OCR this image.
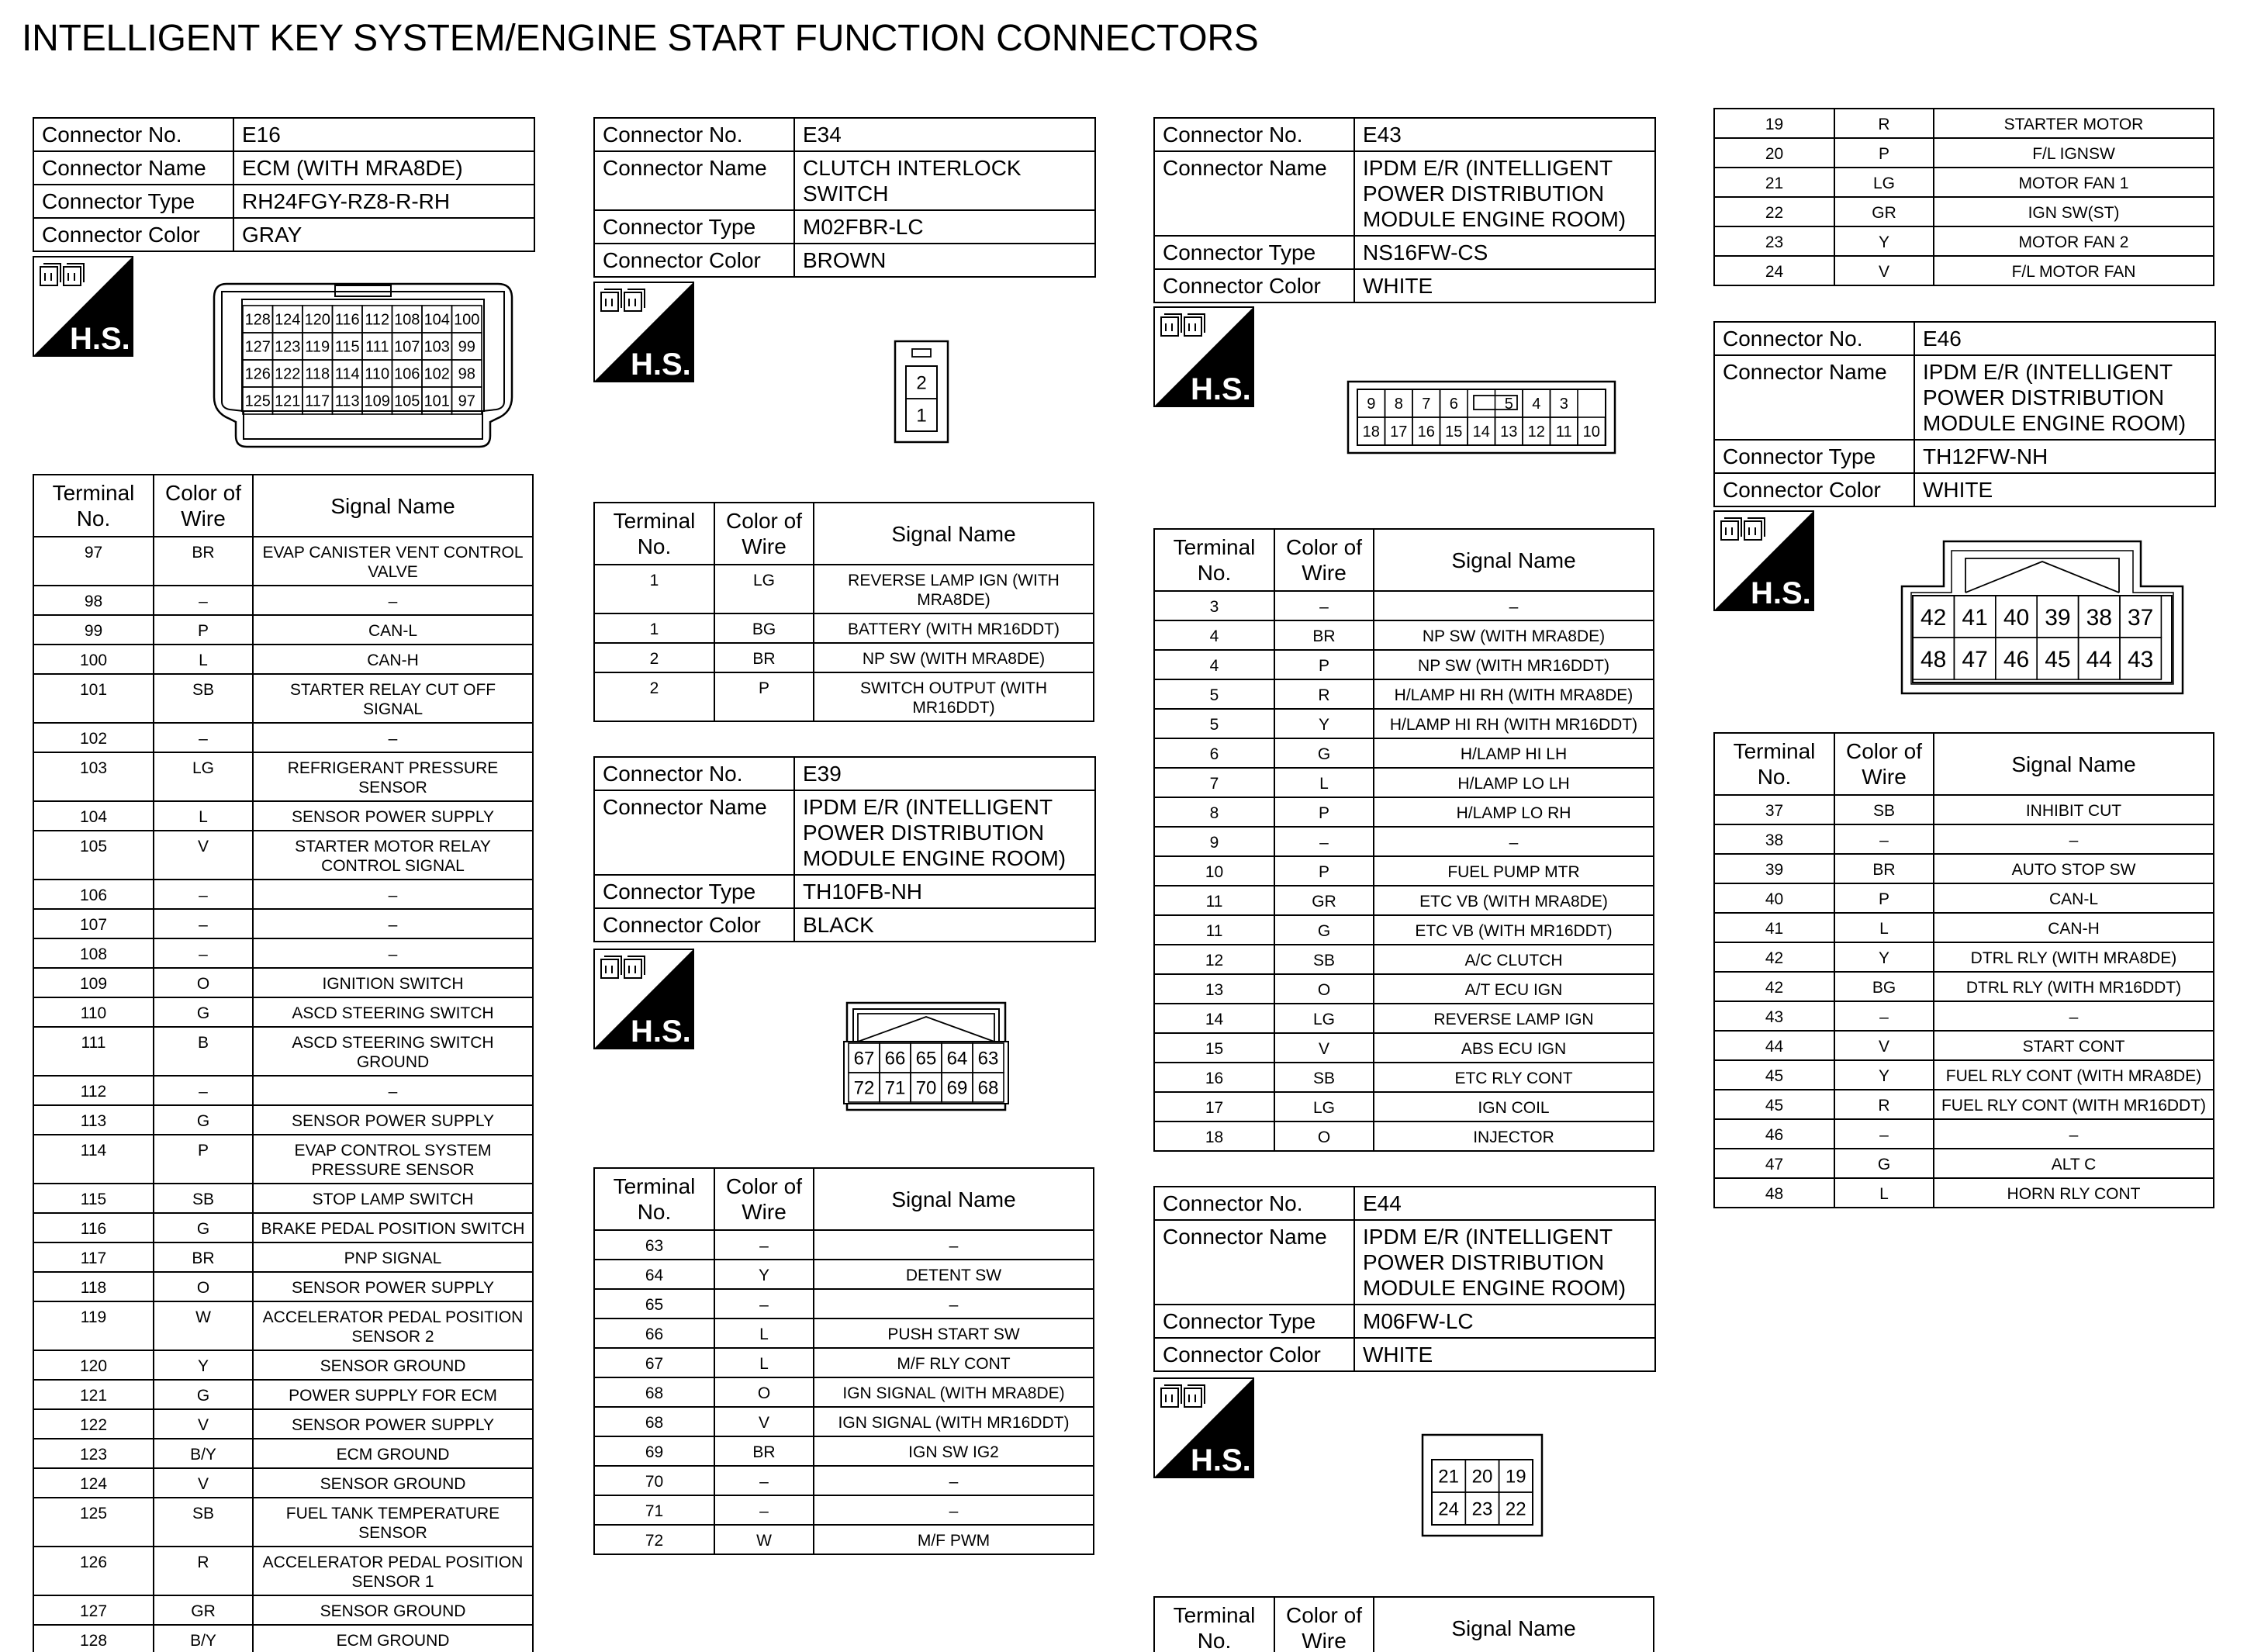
INTELLIGENT KEY SYSTEM/ENGINE START FUNCTION CONNECTORS
Connector No.	E16
Connector Name	ECM (WITH MRA8DE)
Connector Type	RH24FGY-RZ8-R-RH
Connector Color	GRAY
H.S.
128 124 120 116 112 108 104 100
127 123 119 115 111 107 103 99
126 122 118 114 110 106 102 98
125 121 117 113 109 105 101 97
Terminal No.	Color of Wire	Signal Name
97	BR	EVAP CANISTER VENT CONTROL VALVE
98	–	–
99	P	CAN-L
100	L	CAN-H
101	SB	STARTER RELAY CUT OFF SIGNAL
102	–	–
103	LG	REFRIGERANT PRESSURE SENSOR
104	L	SENSOR POWER SUPPLY
105	V	STARTER MOTOR RELAY CONTROL SIGNAL
106	–	–
107	–	–
108	–	–
109	O	IGNITION SWITCH
110	G	ASCD STEERING SWITCH
111	B	ASCD STEERING SWITCH GROUND
112	–	–
113	G	SENSOR POWER SUPPLY
114	P	EVAP CONTROL SYSTEM PRESSURE SENSOR
115	SB	STOP LAMP SWITCH
116	G	BRAKE PEDAL POSITION SWITCH
117	BR	PNP SIGNAL
118	O	SENSOR POWER SUPPLY
119	W	ACCELERATOR PEDAL POSITION SENSOR 2
120	Y	SENSOR GROUND
121	G	POWER SUPPLY FOR ECM
122	V	SENSOR POWER SUPPLY
123	B/Y	ECM GROUND
124	V	SENSOR GROUND
125	SB	FUEL TANK TEMPERATURE SENSOR
126	R	ACCELERATOR PEDAL POSITION SENSOR 1
127	GR	SENSOR GROUND
128	B/Y	ECM GROUND
Connector No.	E34
Connector Name	CLUTCH INTERLOCK SWITCH
Connector Type	M02FBR-LC
Connector Color	BROWN
H.S.
2
1
Terminal No.	Color of Wire	Signal Name
1	LG	REVERSE LAMP IGN (WITH MRA8DE)
1	BG	BATTERY (WITH MR16DDT)
2	BR	NP SW (WITH MRA8DE)
2	P	SWITCH OUTPUT (WITH MR16DDT)
Connector No.	E39
Connector Name	IPDM E/R (INTELLIGENT POWER DISTRIBUTION MODULE ENGINE ROOM)
Connector Type	TH10FB-NH
Connector Color	BLACK
H.S.
67 66 65 64 63
72 71 70 69 68
Terminal No.	Color of Wire	Signal Name
63	–	–
64	Y	DETENT SW
65	–	–
66	L	PUSH START SW
67	L	M/F RLY CONT
68	O	IGN SIGNAL (WITH MRA8DE)
68	V	IGN SIGNAL (WITH MR16DDT)
69	BR	IGN SW IG2
70	–	–
71	–	–
72	W	M/F PWM
Connector No.	E43
Connector Name	IPDM E/R (INTELLIGENT POWER DISTRIBUTION MODULE ENGINE ROOM)
Connector Type	NS16FW-CS
Connector Color	WHITE
H.S.	9 8 7 6	5 4 3
18 17 16 15 14 13 12 11 10
Terminal No.	Color of Wire	Signal Name
3	–	–
4	BR	NP SW (WITH MRA8DE)
4	P	NP SW (WITH MR16DDT)
5	R	H/LAMP HI RH (WITH MRA8DE)
5	Y	H/LAMP HI RH (WITH MR16DDT)
6	G	H/LAMP HI LH
7	L	H/LAMP LO LH
8	P	H/LAMP LO RH
9	–	–
10	P	FUEL PUMP MTR
11	GR	ETC VB (WITH MRA8DE)
11	G	ETC VB (WITH MR16DDT)
12	SB	A/C CLUTCH
13	O	A/T ECU IGN
14	LG	REVERSE LAMP IGN
15	V	ABS ECU IGN
16	SB	ETC RLY CONT
17	LG	IGN COIL
18	O	INJECTOR
Connector No.	E44
Connector Name	IPDM E/R (INTELLIGENT POWER DISTRIBUTION MODULE ENGINE ROOM)
Connector Type	M06FW-LC
Connector Color	WHITE
H.S.	21 20 19
24 23 22
Terminal No.	Color of Wire	Signal Name
19	R	STARTER MOTOR
20	P	F/L IGNSW
21	LG	MOTOR FAN 1
22	GR	IGN SW(ST)
23	Y	MOTOR FAN 2
24	V	F/L MOTOR FAN
Connector No.	E46
Connector Name	IPDM E/R (INTELLIGENT POWER DISTRIBUTION MODULE ENGINE ROOM)
Connector Type	TH12FW-NH
Connector Color	WHITE
H.S.
42 41 40 39 38 37
48 47 46 45 44 43
Terminal No.	Color of Wire	Signal Name
37	SB	INHIBIT CUT
38	–	–
39	BR	AUTO STOP SW
40	P	CAN-L
41	L	CAN-H
42	Y	DTRL RLY (WITH MRA8DE)
42	BG	DTRL RLY (WITH MR16DDT)
43	–	–
44	V	START CONT
45	Y	FUEL RLY CONT (WITH MRA8DE)
45	R	FUEL RLY CONT (WITH MR16DDT)
46	–	–
47	G	ALT C
48	L	HORN RLY CONT
